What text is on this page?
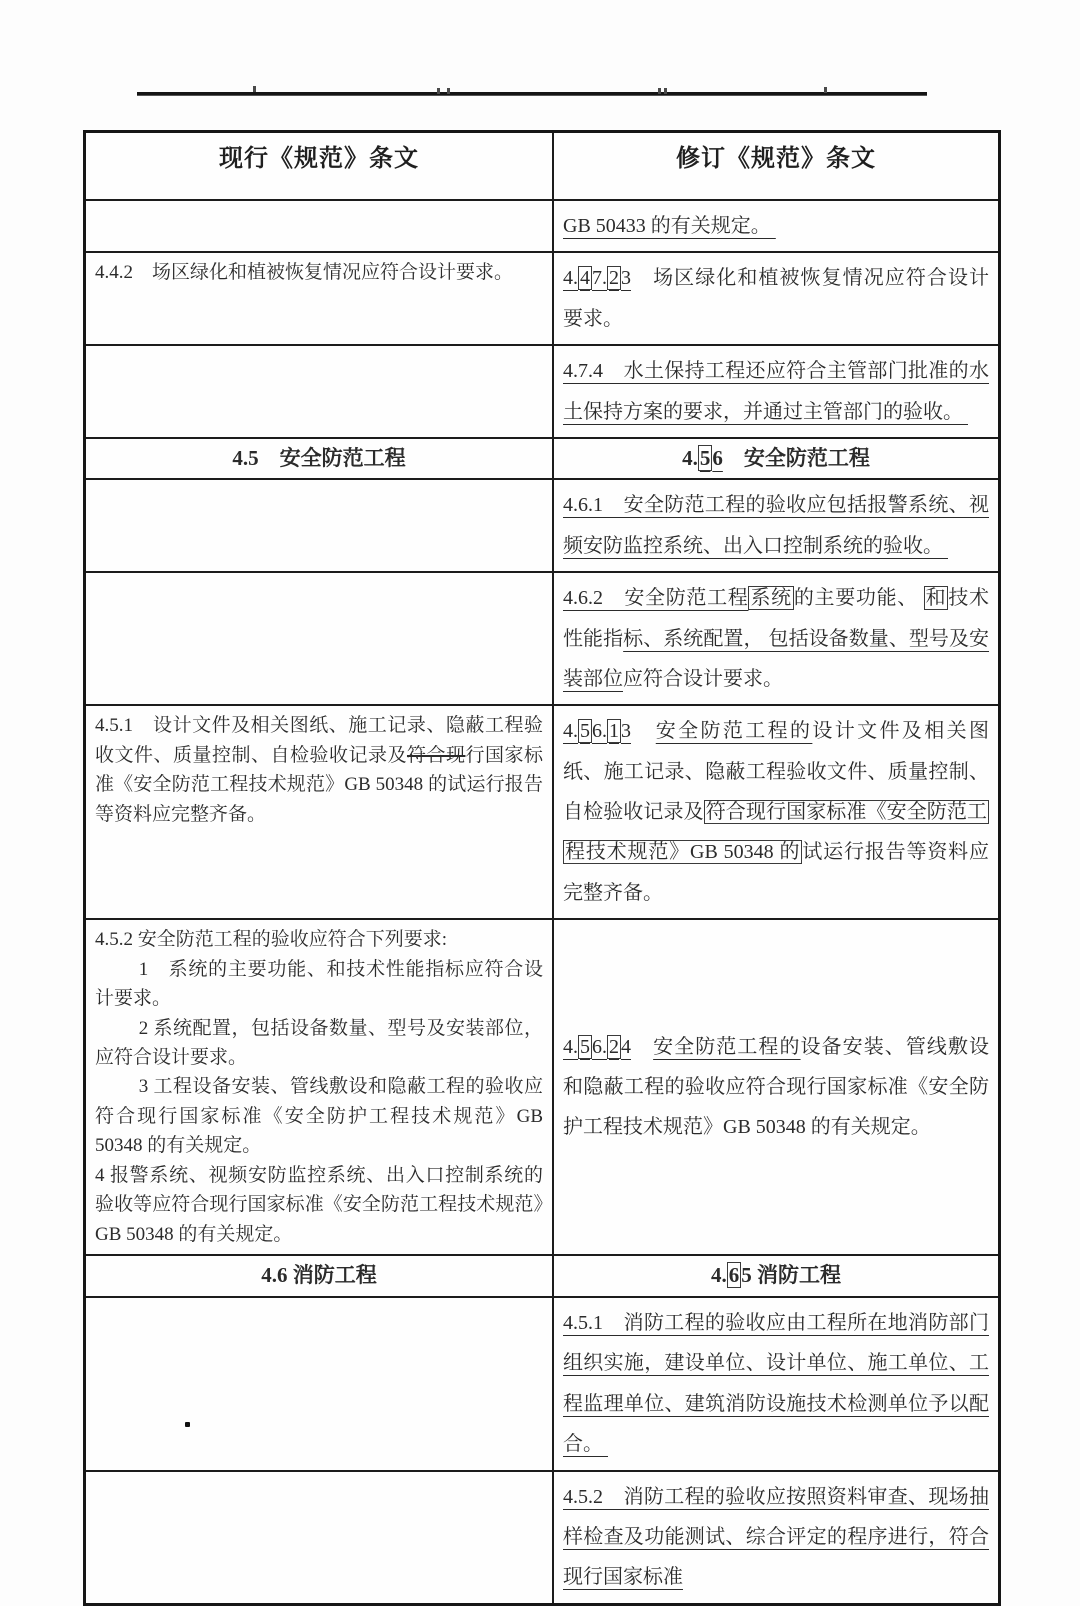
现行《规范》条文	修订《规范》条文

	GB 50433 的有关规定。

4.4.2　场区绿化和植被恢复情况应符合设计要求。	4. 4 7. 2 3　场区绿化和植被恢复情况应符合设计要求。

	4.7.4　水土保持工程还应符合主管部门批准的水土保持方案的要求，并通过主管部门的验收。

4.5　安全防范工程	4.56　安全防范工程

	4.6.1　安全防范工程的验收应包括报警系统、视频安防监控系统、出入口控制系统的验收。

	4.6.2　安全防范工程 系统 的主要功能、 和 技术性能指标、系统配置， 包括设备数量、型号及安装部位应符合设计要求。

4.5.1　设计文件及相关图纸、施工记录、隐蔽工程验收文件、质量控制、自检验收记录及符合现行国家标准《安全防范工程技术规范》GB 50348 的试运行报告等资料应完整齐备。	4. 5 6. 1 3　 安全防范工程的设计文件及相关图纸、施工记录、隐蔽工程验收文件、质量控制、自检验收记录及 符合现行国家标准《安全防范工程技术规范》GB 50348 的 试运行报告等资料应完整齐备。

4.5.2 安全防范工程的验收应符合下列要求:
1　系统的主要功能、和技术性能指标应符合设计要求。
2 系统配置，包括设备数量、型号及安装部位，应符合设计要求。
3 工程设备安装、管线敷设和隐蔽工程的验收应符合现行国家标准《安全防护工程技术规范》GB 50348 的有关规定。
4 报警系统、视频安防监控系统、出入口控制系统的验收等应符合现行国家标准《安全防范工程技术规范》GB 50348 的有关规定。	4. 5 6. 2 4　 安全防范工程的设备安装、管线敷设和隐蔽工程的验收应符合现行国家标准《安全防护工程技术规范》GB 50348 的有关规定。

4.6 消防工程	4.65 消防工程

	4.5.1　消防工程的验收应由工程所在地消防部门组织实施，建设单位、设计单位、施工单位、工程监理单位、建筑消防设施技术检测单位予以配合。

	4.5.2　消防工程的验收应按照资料审查、现场抽样检查及功能测试、综合评定的程序进行，符合现行国家标准
